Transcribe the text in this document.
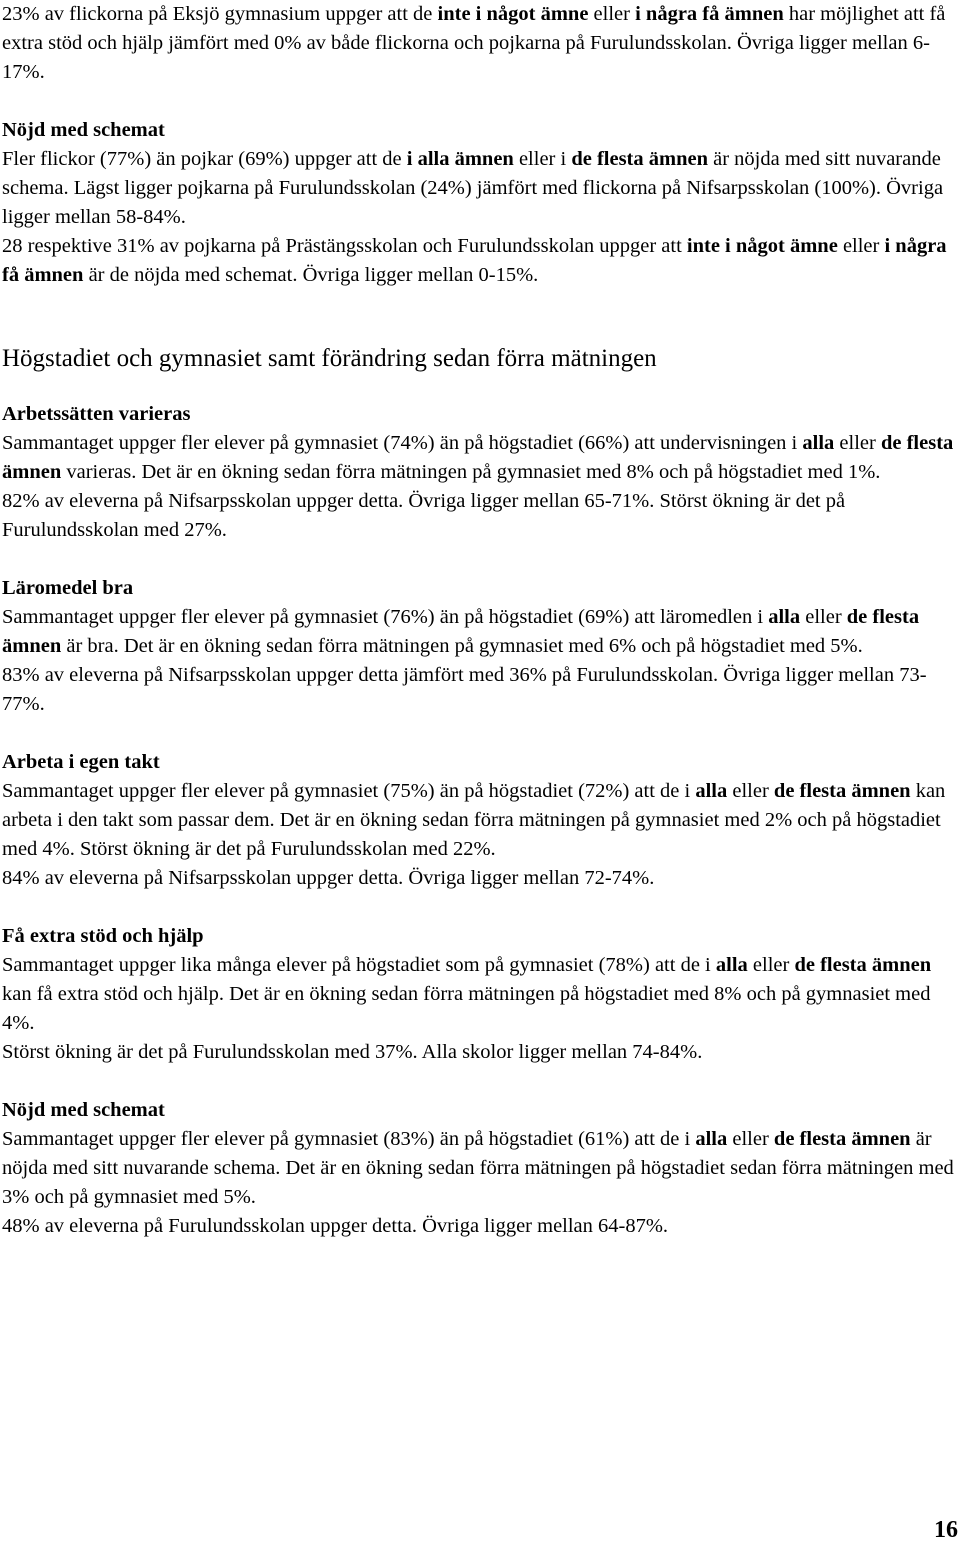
23% av flickorna på Eksjö gymnasium uppger att de inte i något ämne eller i några få ämnen har möjlighet att få extra stöd och hjälp jämfört med 0% av både flickorna och pojkarna på Furulundsskolan. Övriga ligger mellan 6-17%.

Nöjd med schemat

Fler flickor (77%) än pojkar (69%) uppger att de i alla ämnen eller i de flesta ämnen är nöjda med sitt nuvarande schema. Lägst ligger pojkarna på Furulundsskolan (24%) jämfört med flickorna på Nifsarpsskolan (100%). Övriga ligger mellan 58-84%.

28 respektive 31% av pojkarna på Prästängsskolan och Furulundsskolan uppger att inte i något ämne eller i några få ämnen är de nöjda med schemat. Övriga ligger mellan 0-15%.

Högstadiet och gymnasiet samt förändring sedan förra mätningen
Arbetssätten varieras

Sammantaget uppger fler elever på gymnasiet (74%) än på högstadiet (66%) att undervisningen i alla eller de flesta ämnen varieras. Det är en ökning sedan förra mätningen på gymnasiet med 8% och på högstadiet med 1%.

82% av eleverna på Nifsarpsskolan uppger detta. Övriga ligger mellan 65-71%. Störst ökning är det på Furulundsskolan med 27%.

Läromedel bra

Sammantaget uppger fler elever på gymnasiet (76%) än på högstadiet (69%) att läromedlen i alla eller de flesta ämnen är bra. Det är en ökning sedan förra mätningen på gymnasiet med 6% och på högstadiet med 5%.

83% av eleverna på Nifsarpsskolan uppger detta jämfört med 36% på Furulundsskolan. Övriga ligger mellan 73-77%.

Arbeta i egen takt

Sammantaget uppger fler elever på gymnasiet (75%) än på högstadiet (72%) att de i alla eller de flesta ämnen kan arbeta i den takt som passar dem. Det är en ökning sedan förra mätningen på gymnasiet med 2% och på högstadiet med 4%. Störst ökning är det på Furulundsskolan med 22%.

84% av eleverna på Nifsarpsskolan uppger detta. Övriga ligger mellan 72-74%.

Få extra stöd och hjälp

Sammantaget uppger lika många elever på högstadiet som på gymnasiet (78%) att de i alla eller de flesta ämnen kan få extra stöd och hjälp. Det är en ökning sedan förra mätningen på högstadiet med 8% och på gymnasiet med 4%.

Störst ökning är det på Furulundsskolan med 37%. Alla skolor ligger mellan 74-84%.

Nöjd med schemat

Sammantaget uppger fler elever på gymnasiet (83%) än på högstadiet (61%) att de i alla eller de flesta ämnen är nöjda med sitt nuvarande schema. Det är en ökning sedan förra mätningen på högstadiet sedan förra mätningen med 3% och på gymnasiet med 5%.

48% av eleverna på Furulundsskolan uppger detta. Övriga ligger mellan 64-87%.

16
